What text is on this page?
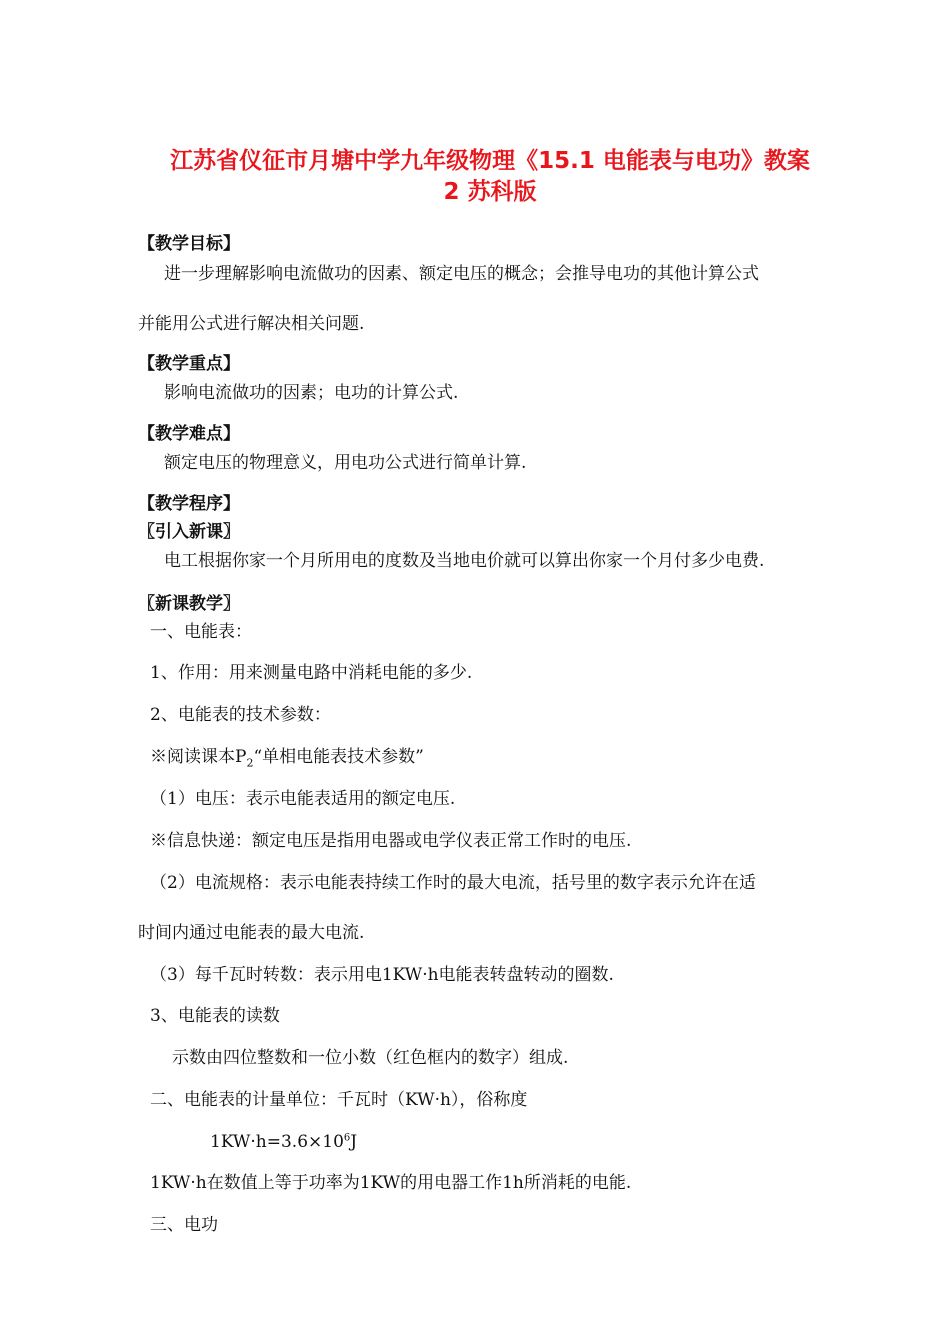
江苏省仪征市月塘中学九年级物理《15.1 电能表与电功》教案
2 苏科版
【教学目标】
进一步理解影响电流做功的因素、额定电压的概念；会推导电功的其他计算公式
并能用公式进行解决相关问题.
【教学重点】
影响电流做功的因素；电功的计算公式.
【教学难点】
额定电压的物理意义，用电功公式进行简单计算.
【教学程序】
〖引入新课〗
电工根据你家一个月所用电的度数及当地电价就可以算出你家一个月付多少电费.
〖新课教学〗
一、电能表：
1、作用：用来测量电路中消耗电能的多少.
2、电能表的技术参数：
※阅读课本$P_2“$单相电能表技术参数”
（1）电压：表示电能表适用的额定电压.
※信息快递：额定电压是指用电器或电学仪表正常工作时的电压.
（2）电流规格：表示电能表持续工作时的最大电流，括号里的数字表示允许在适
时间内通过电能表的最大电流.
（3）每千瓦时转数：表示用电1KW·h电能表转盘转动的圈数.
3、电能表的读数
示数由四位整数和一位小数（红色框内的数字）组成.
二、电能表的计量单位：千瓦时（KW·h），俗称度
$1KW\cdot h=3.6\times 10^6J$
1KW·h在数值上等于功率为1KW的用电器工作1h所消耗的电能.
三、电功
